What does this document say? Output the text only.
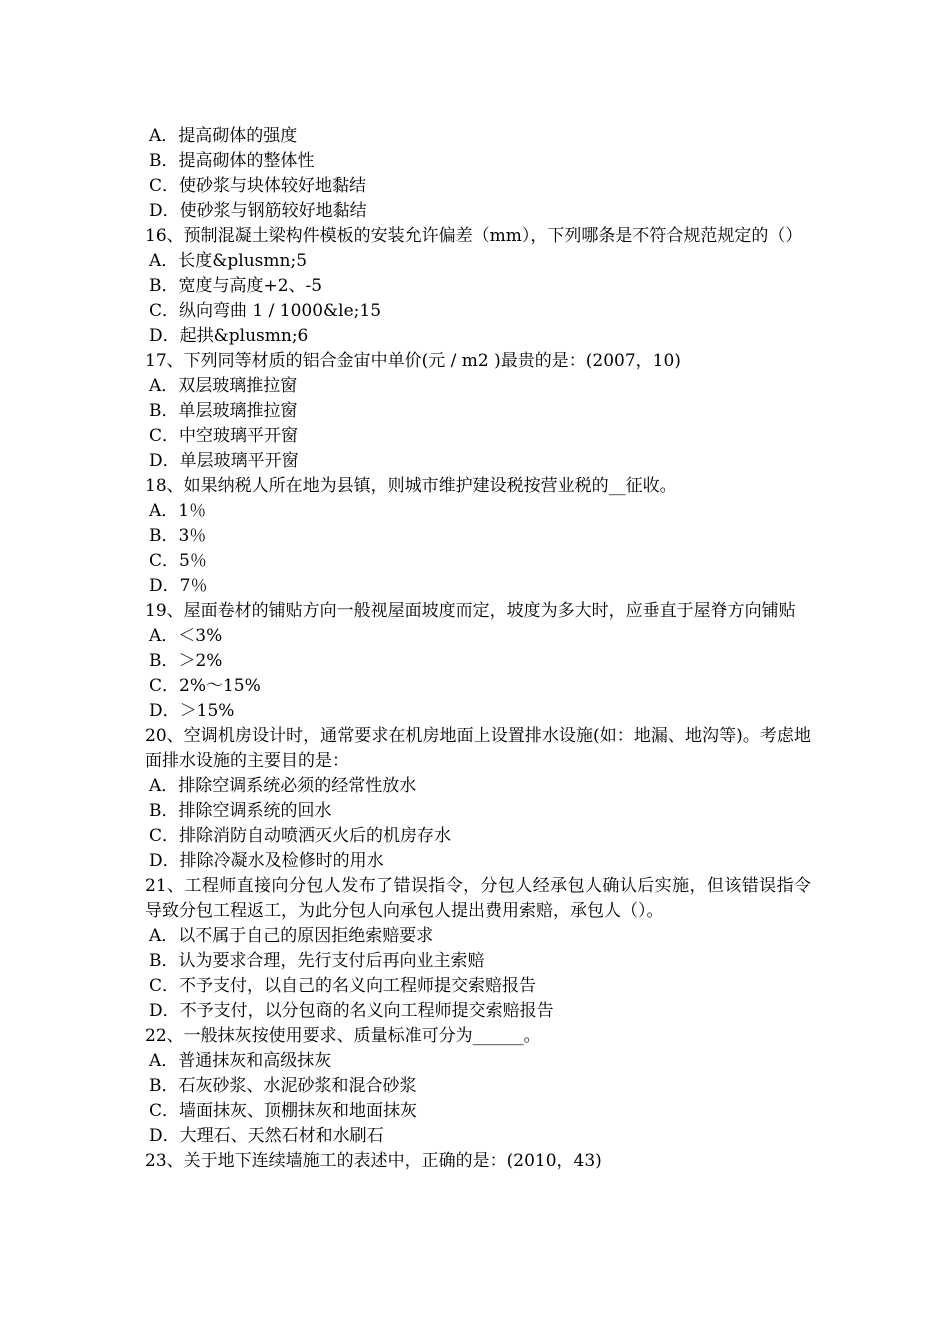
A．提高砌体的强度

B．提高砌体的整体性

C．使砂浆与块体较好地黏结

D．使砂浆与钢筋较好地黏结

16、预制混凝土梁构件模板的安装允许偏差（mm），下列哪条是不符合规范规定的（）

A．长度&plusmn;5

B．宽度与高度+2、-5

C．纵向弯曲 1 / 1000&le;15

D．起拱&plusmn;6

17、下列同等材质的铝合金宙中单价(元 / m2 )最贵的是：(2007，10)

A．双层玻璃推拉窗

B．单层玻璃推拉窗

C．中空玻璃平开窗

D．单层玻璃平开窗

18、如果纳税人所在地为县镇，则城市维护建设税按营业税的__征收。

A．1％

B．3％

C．5％

D．7％

19、屋面卷材的铺贴方向一般视屋面坡度而定，坡度为多大时，应垂直于屋脊方向铺贴

A．＜3%

B．＞2%

C．2%～15%

D．＞15%

20、空调机房设计时，通常要求在机房地面上设置排水设施(如：地漏、地沟等)。考虑地面排水设施的主要目的是：

A．排除空调系统必须的经常性放水

B．排除空调系统的回水

C．排除消防自动喷洒灭火后的机房存水

D．排除冷凝水及检修时的用水

21、工程师直接向分包人发布了错误指令，分包人经承包人确认后实施，但该错误指令导致分包工程返工，为此分包人向承包人提出费用索赔，承包人（）。

A．以不属于自己的原因拒绝索赔要求

B．认为要求合理，先行支付后再向业主索赔

C．不予支付，以自己的名义向工程师提交索赔报告

D．不予支付，以分包商的名义向工程师提交索赔报告

22、一般抹灰按使用要求、质量标准可分为______。

A．普通抹灰和高级抹灰

B．石灰砂浆、水泥砂浆和混合砂浆

C．墙面抹灰、顶棚抹灰和地面抹灰

D．大理石、天然石材和水刷石

23、关于地下连续墙施工的表述中，正确的是：(2010，43)
